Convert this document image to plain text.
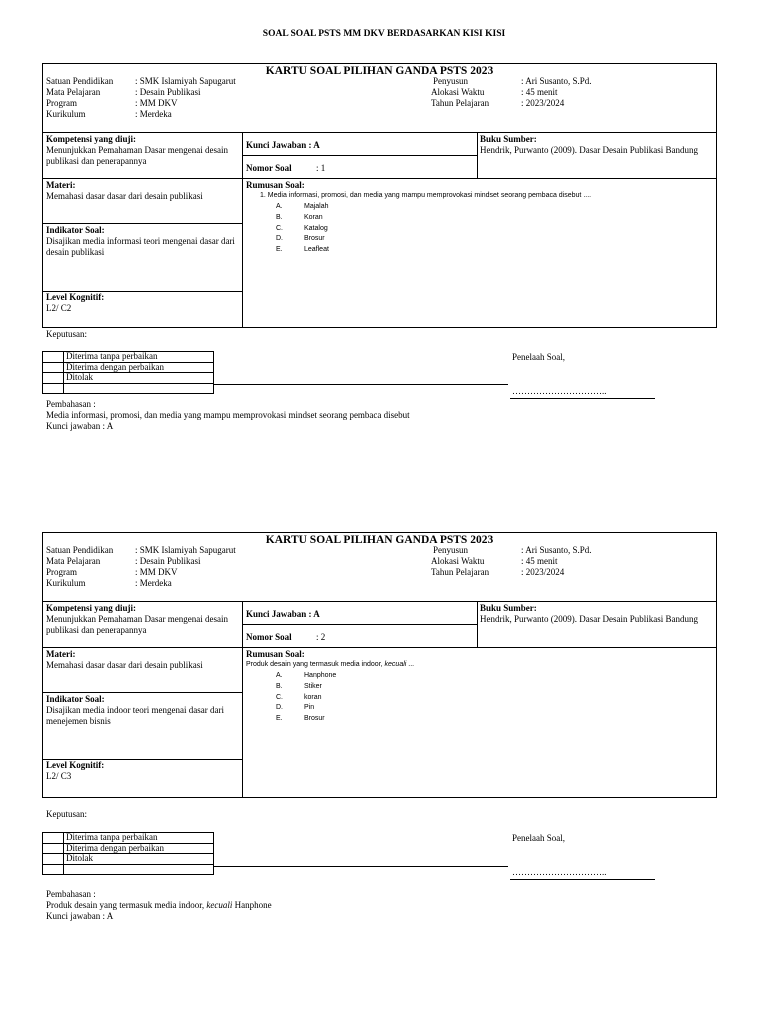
SOAL SOAL PSTS MM DKV BERDASARKAN KISI KISI
KARTU SOAL PILIHAN GANDA PSTS 2023
Satuan Pendidikan : SMK Islamiyah Sapugarut
Mata Pelajaran	: Desain Publikasi
Program	: MM DKV
Kurikulum	: Merdeka
Penyusun	: Ari Susanto, S.Pd.
Alokasi Waktu	: 45 menit
Tahun Pelajaran	: 2023/2024
Kompetensi yang diuji:
Menunjukkan Pemahaman Dasar mengenai desain publikasi dan penerapannya
Kunci Jawaban : A
Nomor Soal	: 1
Buku Sumber:
Hendrik, Purwanto (2009). Dasar Desain Publikasi Bandung
Materi:
Memahasi dasar dasar dari desain publikasi
Indikator Soal:
Disajikan media informasi teori mengenai dasar dari desain publikasi
Level Kognitif:
L2/ C2
Rumusan Soal:
1. Media informasi, promosi, dan media yang mampu memprovokasi mindset seorang pembaca disebut ....
A.	Majalah
B.	Koran
C.	Katalog
D.	Brosur
E.	Leafleat
Keputusan:
	Diterima tanpa perbaikan
	Diterima dengan perbaikan
	Ditolak

Penelaah Soal,
…………………………..
Pembahasan :
Media informasi, promosi, dan media yang mampu memprovokasi mindset seorang pembaca disebut
Kunci jawaban : A
KARTU SOAL PILIHAN GANDA PSTS 2023
Satuan Pendidikan : SMK Islamiyah Sapugarut
Mata Pelajaran	: Desain Publikasi
Program	: MM DKV
Kurikulum	: Merdeka
Penyusun	: Ari Susanto, S.Pd.
Alokasi Waktu	: 45 menit
Tahun Pelajaran	: 2023/2024
Kompetensi yang diuji:
Menunjukkan Pemahaman Dasar mengenai desain publikasi dan penerapannya
Kunci Jawaban : A
Nomor Soal	: 2
Buku Sumber:
Hendrik, Purwanto (2009). Dasar Desain Publikasi Bandung
Materi:
Memahasi dasar dasar dari desain publikasi
Indikator Soal:
Disajikan media indoor teori mengenai dasar dari menejemen bisnis
Level Kognitif:
L2/ C3
Rumusan Soal:
Produk desain yang termasuk media indoor, kecuali ...
A.	Hanphone
B.	Stiker
C.	koran
D.	Pin
E.	Brosur
Keputusan:
	Diterima tanpa perbaikan
	Diterima dengan perbaikan
	Ditolak

Penelaah Soal,
…………………………..
Pembahasan :
Produk desain yang termasuk media indoor, kecuali Hanphone
Kunci jawaban : A
